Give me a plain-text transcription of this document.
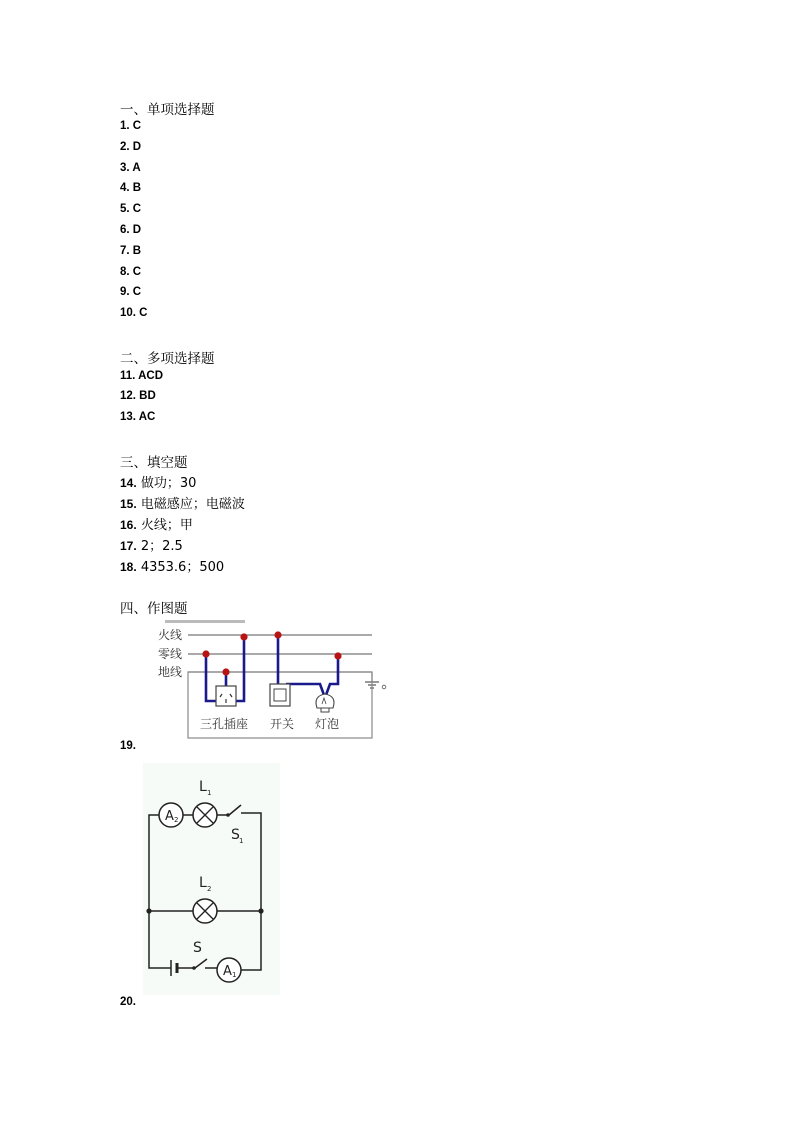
一、单项选择题
1. C
2. D
3. A
4. B
5. C
6. D
7. B
8. C
9. C
10. C
二、多项选择题
11. ACD
12. BD
13. AC
三、填空题
14. 做功；30
15. 电磁感应；电磁波
16. 火线；甲
17. 2；2.5
18. 4353.6；500
四、作图题
火线
零线
地线
三孔插座 开关 灯泡
19.
A 2
L 1
S 1
L 2
S
A 1
20.
